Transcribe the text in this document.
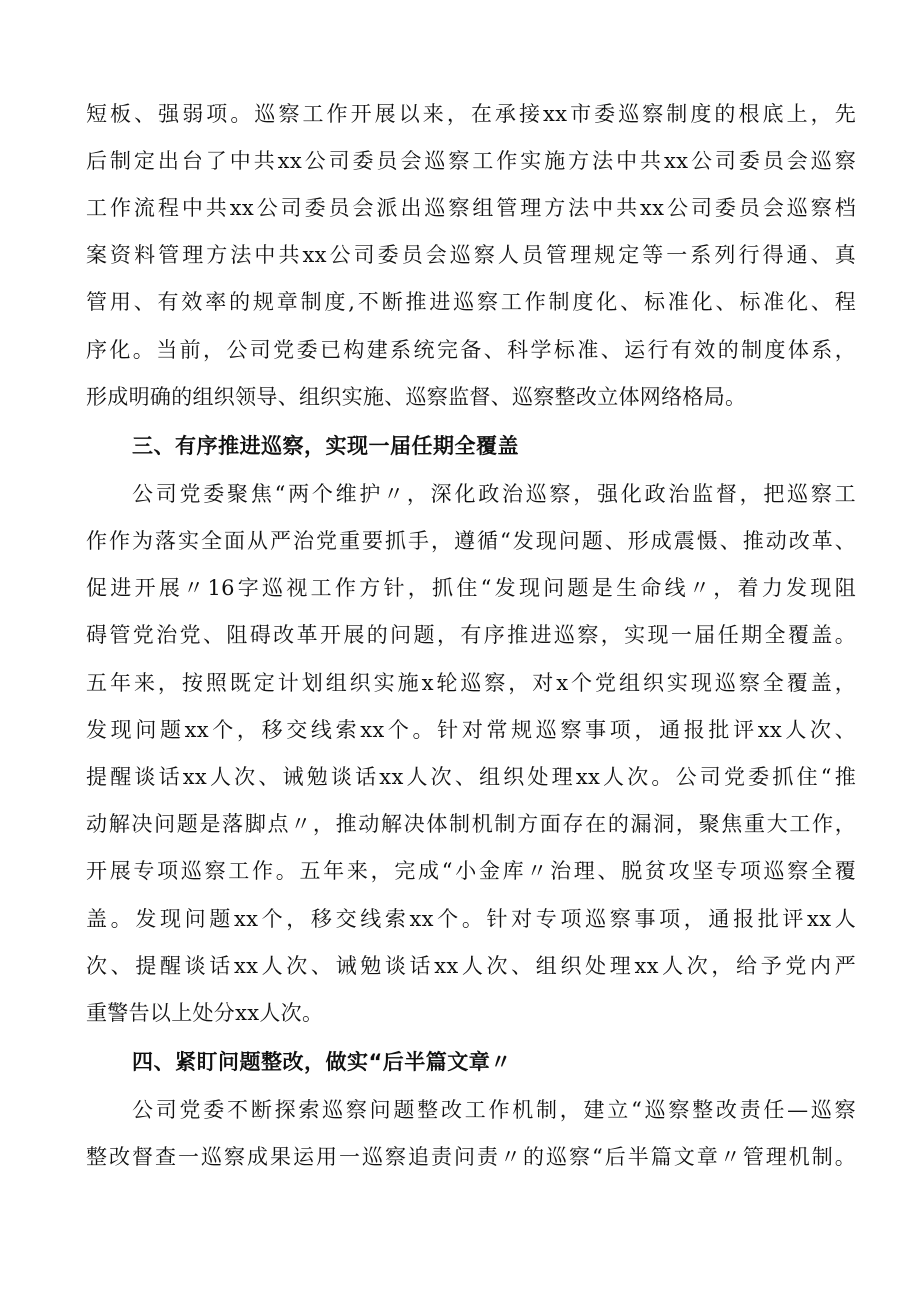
短板、强弱项。巡察工作开展以来，在承接xx市委巡察制度的根底上，先
后制定出台了中共xx公司委员会巡察工作实施方法中共xx公司委员会巡察
工作流程中共xx公司委员会派出巡察组管理方法中共xx公司委员会巡察档
案资料管理方法中共xx公司委员会巡察人员管理规定等一系列行得通、真
管用、有效率的规章制度,不断推进巡察工作制度化、标准化、标准化、程
序化。当前，公司党委已构建系统完备、科学标准、运行有效的制度体系，
形成明确的组织领导、组织实施、巡察监督、巡察整改立体网络格局。
三、有序推进巡察，实现一届任期全覆盖
公司党委聚焦“两个维护〃，深化政治巡察，强化政治监督，把巡察工
作作为落实全面从严治党重要抓手，遵循“发现问题、形成震慑、推动改革、
促进开展〃16字巡视工作方针，抓住“发现问题是生命线〃，着力发现阻
碍管党治党、阻碍改革开展的问题，有序推进巡察，实现一届任期全覆盖。
五年来，按照既定计划组织实施x轮巡察，对x个党组织实现巡察全覆盖，
发现问题xx个，移交线索xx个。针对常规巡察事项，通报批评xx人次、
提醒谈话xx人次、诫勉谈话xx人次、组织处理xx人次。公司党委抓住“推
动解决问题是落脚点〃，推动解决体制机制方面存在的漏洞，聚焦重大工作，
开展专项巡察工作。五年来，完成“小金库〃治理、脱贫攻坚专项巡察全覆
盖。发现问题xx个，移交线索xx个。针对专项巡察事项，通报批评xx人
次、提醒谈话xx人次、诫勉谈话xx人次、组织处理xx人次，给予党内严
重警告以上处分xx人次。
四、紧盯问题整改，做实“后半篇文章〃
公司党委不断探索巡察问题整改工作机制，建立“巡察整改责任—巡察
整改督查一巡察成果运用一巡察追责问责〃的巡察“后半篇文章〃管理机制。
